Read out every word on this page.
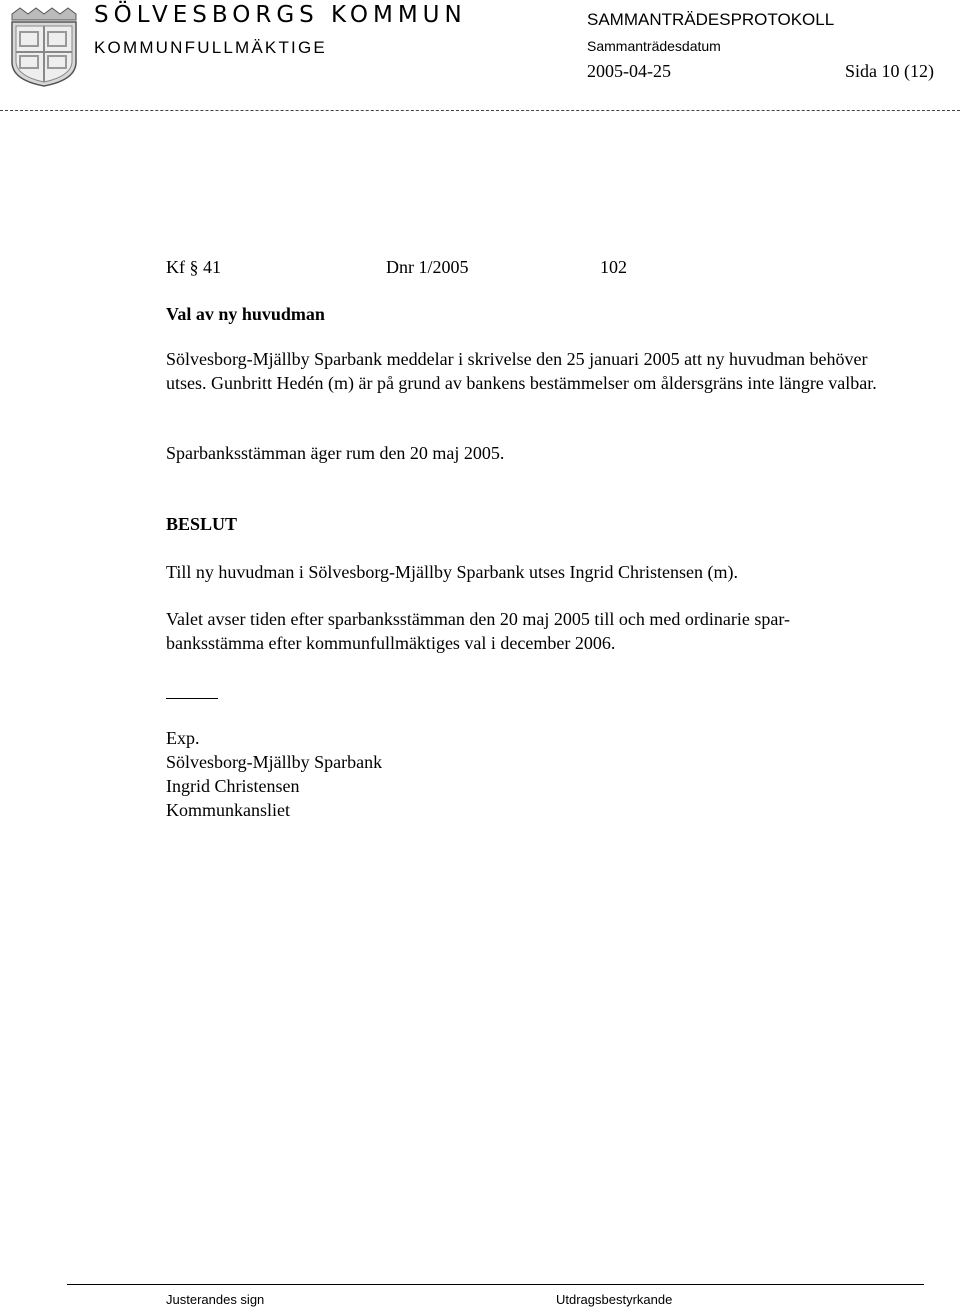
SÖLVESBORGS KOMMUN
KOMMUNFULLMÄKTIGE
SAMMANTRÄDESPROTOKOLL
Sammanträdesdatum
2005-04-25	Sida 10 (12)
Kf § 41	Dnr 1/2005	102
Val av ny huvudman
Sölvesborg-Mjällby Sparbank meddelar i skrivelse den 25 januari 2005 att ny huvudman behöver utses. Gunbritt Hedén (m) är på grund av bankens bestämmelser om åldersgräns inte längre valbar.
Sparbanksstämman äger rum den 20 maj 2005.
BESLUT
Till ny huvudman i Sölvesborg-Mjällby Sparbank utses Ingrid Christensen (m).
Valet avser tiden efter sparbanksstämman den 20 maj 2005 till och med ordinarie spar-
banksstämma efter kommunfullmäktiges val i december 2006.
Exp.
Sölvesborg-Mjällby Sparbank
Ingrid Christensen
Kommunkansliet
Justerandes sign	Utdragsbestyrkande
